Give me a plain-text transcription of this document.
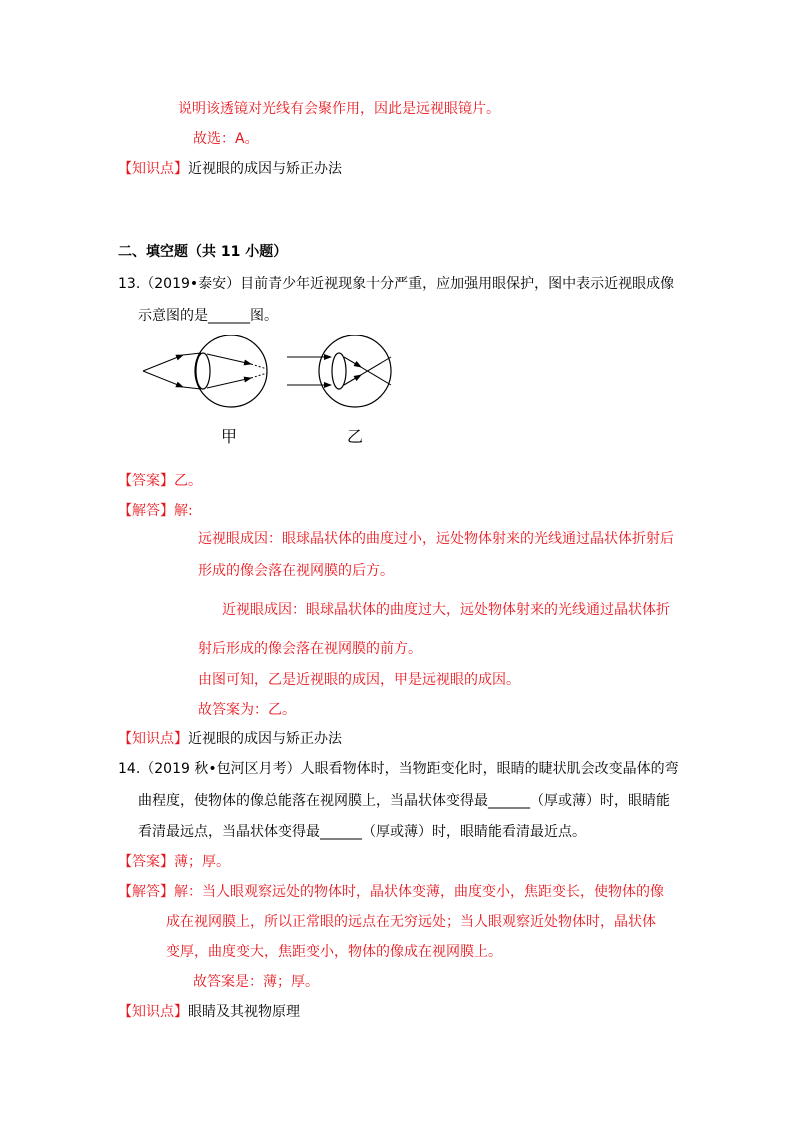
说明该透镜对光线有会聚作用，因此是远视眼镜片。
故选：A。
【知识点】近视眼的成因与矫正办法
二、填空题（共 11 小题）
13.（2019•泰安）目前青少年近视现象十分严重，应加强用眼保护，图中表示近视眼成像
示意图的是______图。
甲	乙
【答案】乙。
【解答】解:
远视眼成因：眼球晶状体的曲度过小，远处物体射来的光线通过晶状体折射后
形成的像会落在视网膜的后方。
近视眼成因：眼球晶状体的曲度过大，远处物体射来的光线通过晶状体折
射后形成的像会落在视网膜的前方。
由图可知，乙是近视眼的成因，甲是远视眼的成因。
故答案为：乙。
【知识点】近视眼的成因与矫正办法
14.（2019 秋•包河区月考）人眼看物体时，当物距变化时，眼睛的睫状肌会改变晶体的弯
曲程度，使物体的像总能落在视网膜上，当晶状体变得最______（厚或薄）时，眼睛能
看清最远点，当晶状体变得最______（厚或薄）时，眼睛能看清最近点。
【答案】薄；厚。
【解答】解：当人眼观察远处的物体时，晶状体变薄，曲度变小，焦距变长，使物体的像
成在视网膜上，所以正常眼的远点在无穷远处；当人眼观察近处物体时，晶状体
变厚，曲度变大，焦距变小，物体的像成在视网膜上。
故答案是：薄；厚。
【知识点】眼睛及其视物原理
